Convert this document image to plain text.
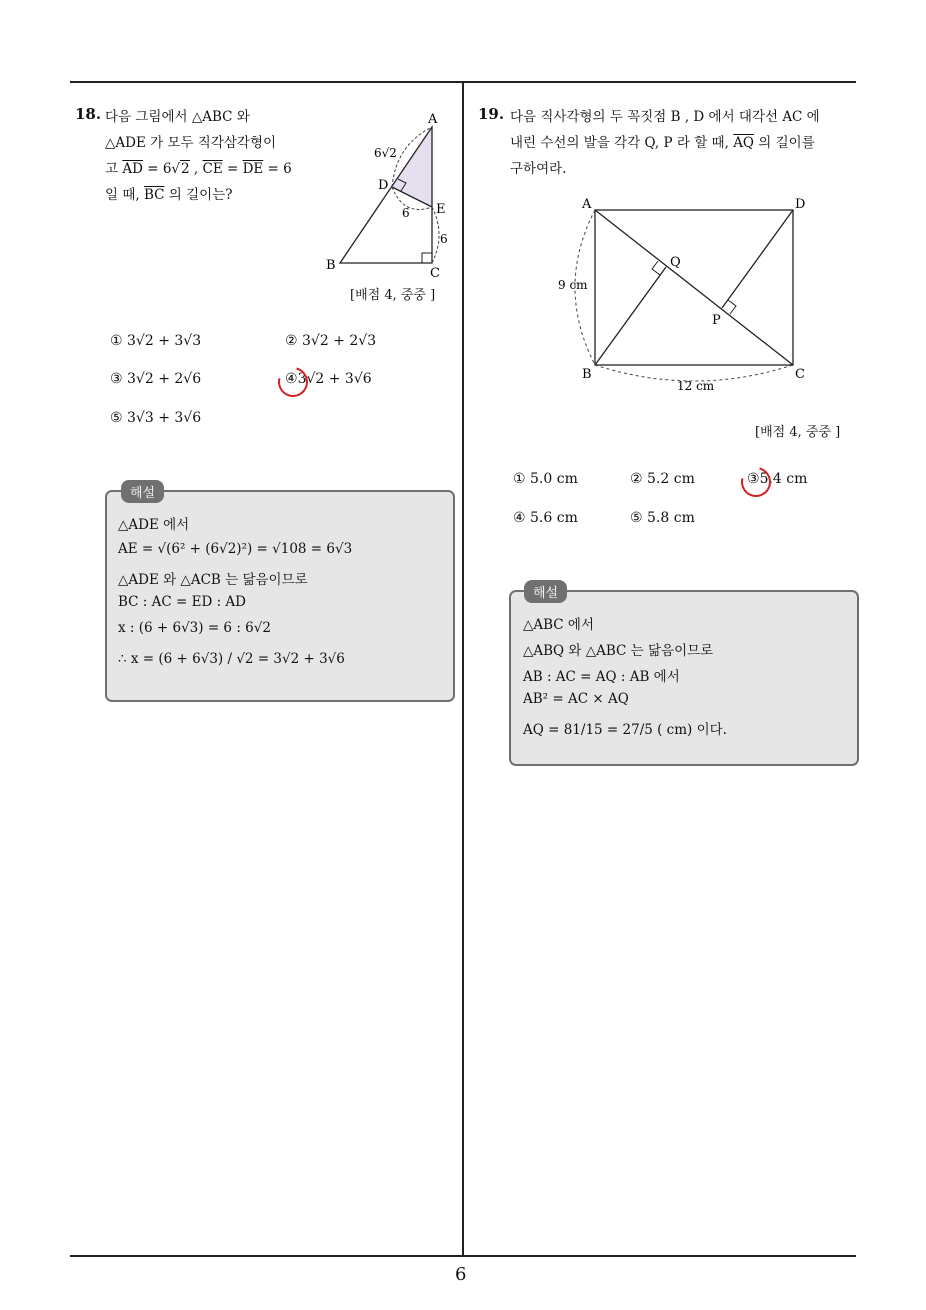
6
18. 다음 그림에서 △ABC 와
△ADE 가 모두 직각삼각형이
고 $\overline{AD} = 6√2$ , $\overline{CE} = \overline{DE} = 6$
일 때, $\overline{BC}$ 의 길이는?
A
B
C
D
E
6√2
6
6
[배점 4, 중중 ]
① 3√2 + 3√3	② 3√2 + 2√3
③ 3√2 + 2√6	④3√2 + 3√6
⑤ 3√3 + 3√6
해설
△ADE 에서
AE = √(6² + (6√2)²) = √108 = 6√3
△ADE 와 △ACB 는 닮음이므로
BC : AC = ED : AD
x : (6 + 6√3) = 6 : 6√2
∴ x = (6 + 6√3) / √2 = 3√2 + 3√6
19. 다음 직사각형의 두 꼭짓점 B , D 에서 대각선 AC 에
내린 수선의 발을 각각 Q, P 라 할 때, $\overline{AQ}$ 의 길이를
구하여라.
A	D
B	C
Q
P
9 cm
12 cm
[배점 4, 중중 ]
① 5.0 cm	② 5.2 cm	③5.4 cm
④ 5.6 cm	⑤ 5.8 cm
해설
△ABC 에서
△ABQ 와 △ABC 는 닮음이므로
AB : AC = AQ : AB 에서
AB² = AC × AQ
AQ = 81/15 = 27/5 ( cm) 이다.
